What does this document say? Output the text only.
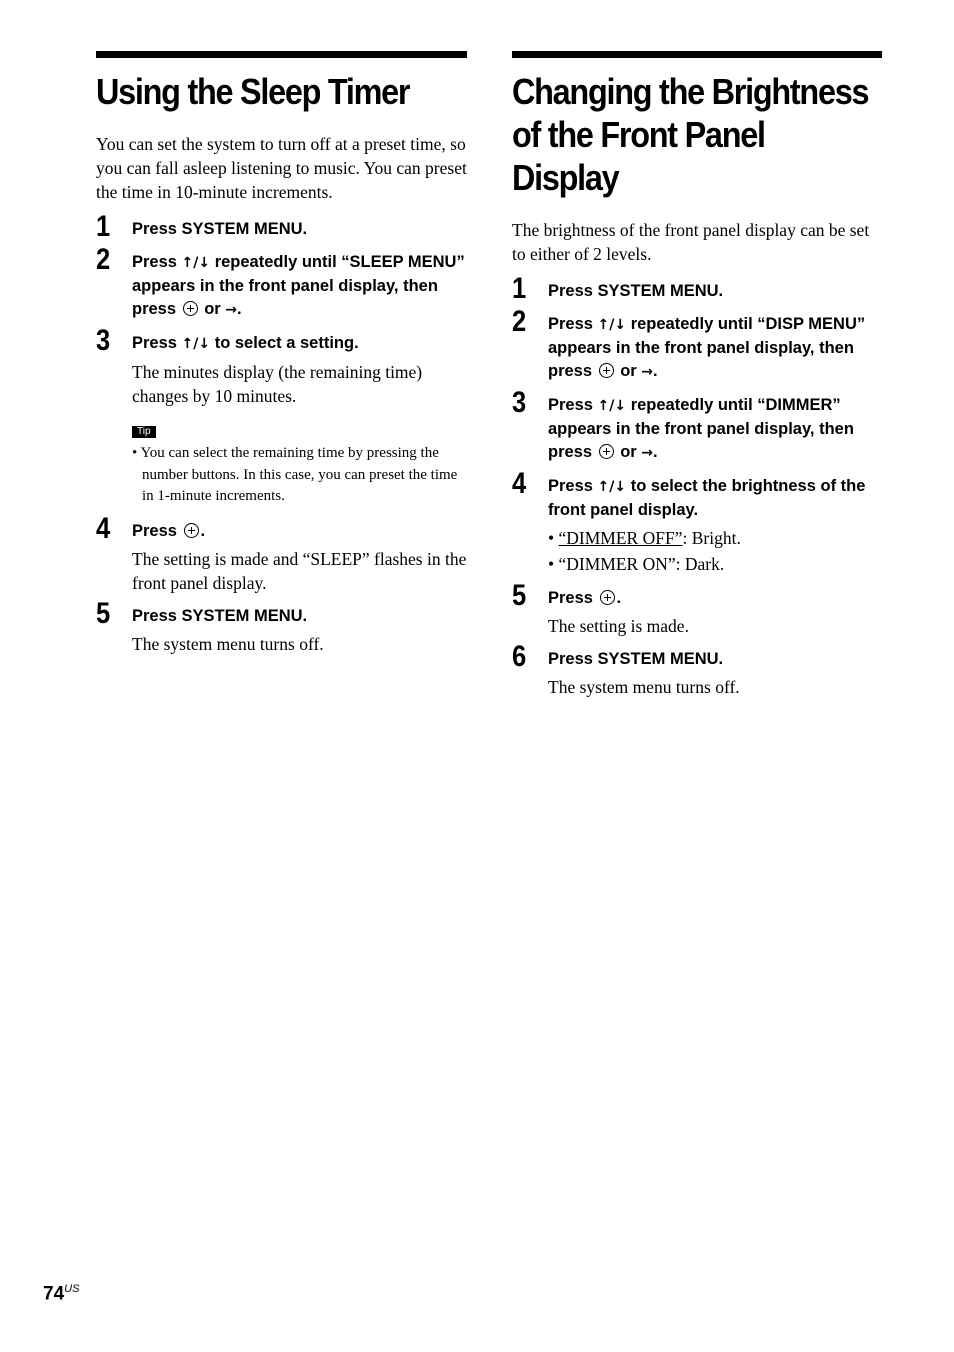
Using the Sleep Timer

You can set the system to turn off at a preset time, so you can fall asleep listening to music. You can preset the time in 10-minute increments.

1 Press SYSTEM MENU.

2 Press ↑/↓ repeatedly until “SLEEP MENU” appears in the front panel display, then press  or →.

3 Press ↑/↓ to select a setting.

The minutes display (the remaining time) changes by 10 minutes.

Tip

• You can select the remaining time by pressing the number buttons. In this case, you can preset the time in 1-minute increments.

4 Press .

The setting is made and “SLEEP” flashes in the front panel display.

5 Press SYSTEM MENU.

The system menu turns off.

Changing the Brightness
of the Front Panel
Display

The brightness of the front panel display can be set to either of 2 levels.

1 Press SYSTEM MENU.

2 Press ↑/↓ repeatedly until “DISP MENU” appears in the front panel display, then press  or →.

3 Press ↑/↓ repeatedly until “DIMMER” appears in the front panel display, then press  or →.

4 Press ↑/↓ to select the brightness of the front panel display.

• “DIMMER OFF”: Bright.

• “DIMMER ON”: Dark.

5 Press .

The setting is made.

6 Press SYSTEM MENU.

The system menu turns off.

$74^{US}$
